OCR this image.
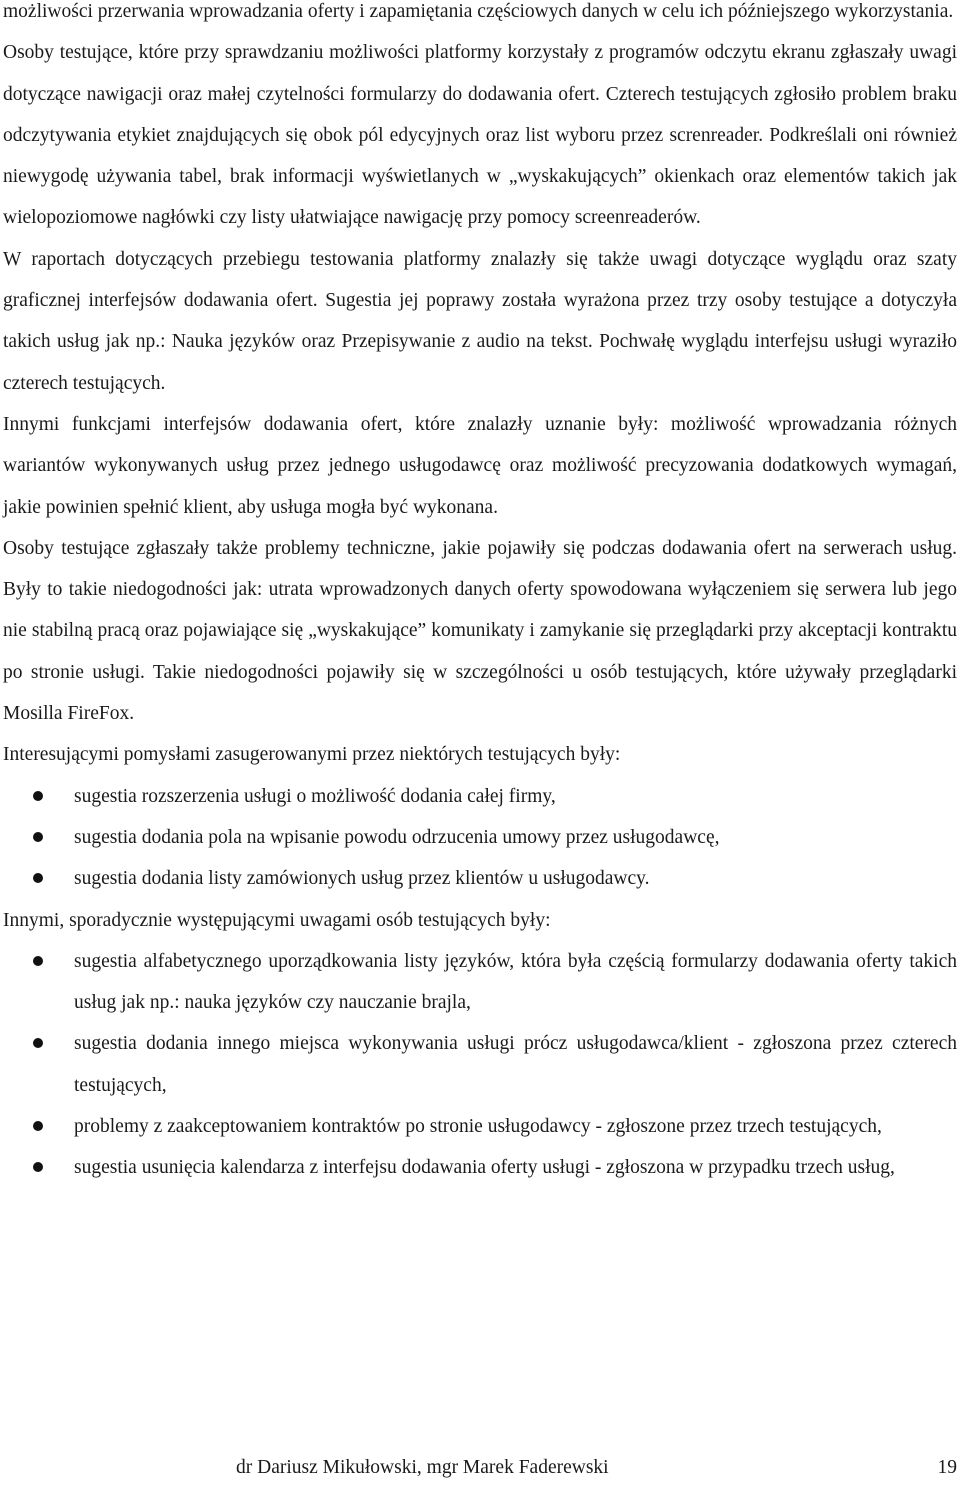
możliwości przerwania wprowadzania oferty i zapamiętania częściowych danych w celu ich późniejszego wykorzystania.

Osoby testujące, które przy sprawdzaniu możliwości platformy korzystały z programów odczytu ekranu zgłaszały uwagi dotyczące nawigacji oraz małej czytelności formularzy do dodawania ofert. Czterech testujących zgłosiło problem braku odczytywania etykiet znajdujących się obok pól edycyjnych oraz list wyboru przez screnreader. Podkreślali oni również niewygodę używania tabel, brak informacji wyświetlanych w „wyskakujących” okienkach oraz elementów takich jak wielopoziomowe nagłówki czy listy ułatwiające nawigację przy pomocy screenreaderów.

W raportach dotyczących przebiegu testowania platformy znalazły się także uwagi dotyczące wyglądu oraz szaty graficznej interfejsów dodawania ofert. Sugestia jej poprawy została wyrażona przez trzy osoby testujące a dotyczyła takich usług jak np.: Nauka języków oraz Przepisywanie z audio na tekst. Pochwałę wyglądu interfejsu usługi wyraziło czterech testujących.

Innymi funkcjami interfejsów dodawania ofert, które znalazły uznanie były: możliwość wprowadzania różnych wariantów wykonywanych usług przez jednego usługodawcę oraz możliwość precyzowania dodatkowych wymagań, jakie powinien spełnić klient, aby usługa mogła być wykonana.

Osoby testujące zgłaszały także problemy techniczne, jakie pojawiły się podczas dodawania ofert na serwerach usług. Były to takie niedogodności jak: utrata wprowadzonych danych oferty spowodowana wyłączeniem się serwera lub jego nie stabilną pracą oraz pojawiające się „wyskakujące” komunikaty i zamykanie się przeglądarki przy akceptacji kontraktu po stronie usługi. Takie niedogodności pojawiły się w szczególności u osób testujących, które używały przeglądarki Mosilla FireFox.

Interesującymi pomysłami zasugerowanymi przez niektórych testujących były:

sugestia rozszerzenia usługi o możliwość dodania całej firmy,
sugestia dodania pola na wpisanie powodu odrzucenia umowy przez usługodawcę,
sugestia dodania listy zamówionych usług przez klientów u usługodawcy.

Innymi, sporadycznie występującymi uwagami osób testujących były:

sugestia alfabetycznego uporządkowania listy języków, która była częścią formularzy dodawania oferty takich usług jak np.: nauka języków czy nauczanie brajla,
sugestia dodania innego miejsca wykonywania usługi prócz usługodawca/klient - zgłoszona przez czterech testujących,
problemy z zaakceptowaniem kontraktów po stronie usługodawcy - zgłoszone przez trzech testujących,
sugestia usunięcia kalendarza z interfejsu dodawania oferty usługi - zgłoszona w przypadku trzech usług,
dr Dariusz Mikułowski, mgr Marek Faderewski	19
